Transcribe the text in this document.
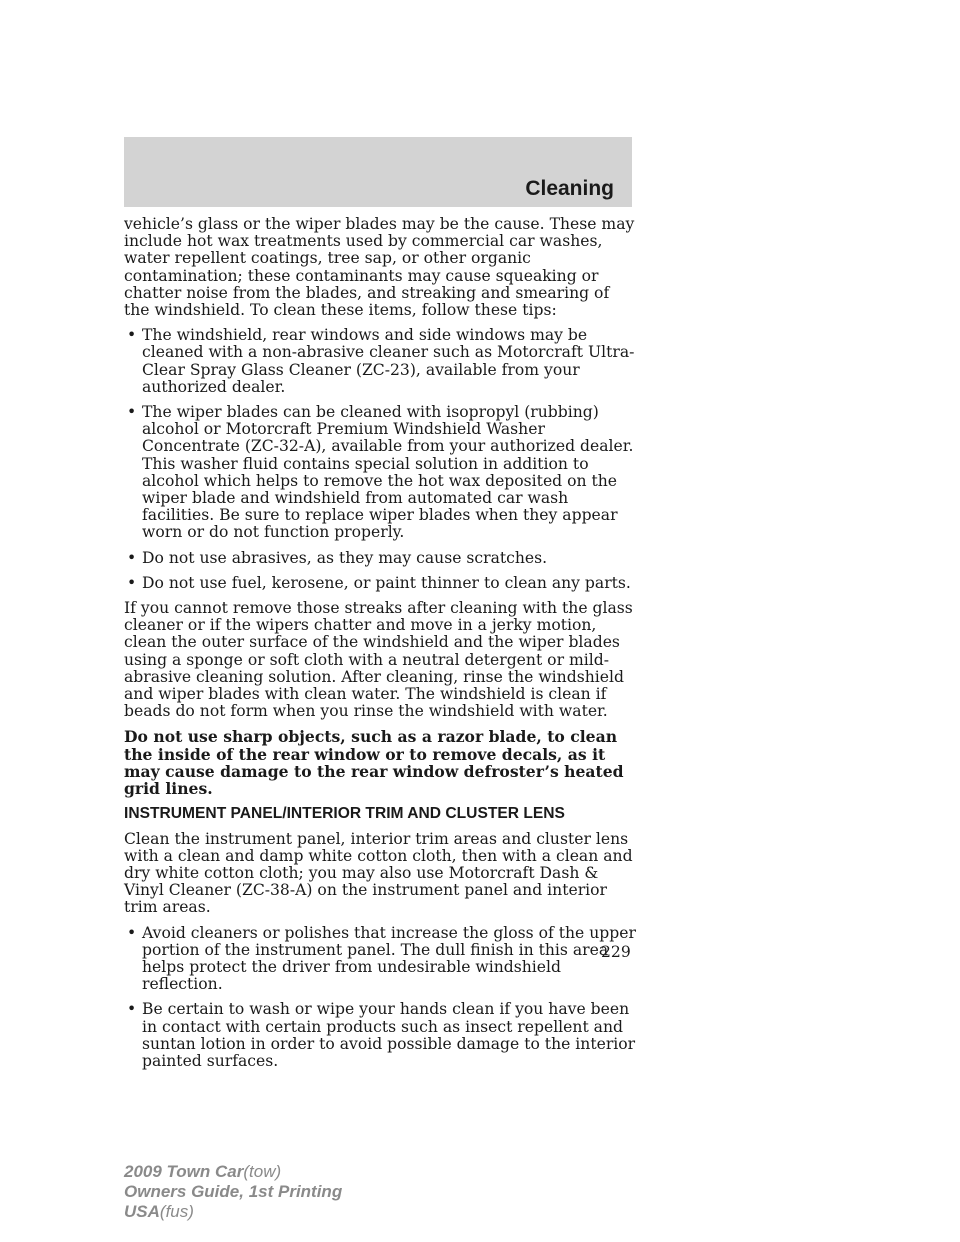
Cleaning

vehicle’s glass or the wiper blades may be the cause. These may include hot wax treatments used by commercial car washes, water repellent coatings, tree sap, or other organic contamination; these contaminants may cause squeaking or chatter noise from the blades, and streaking and smearing of the windshield. To clean these items, follow these tips:

• The windshield, rear windows and side windows may be cleaned with a non-abrasive cleaner such as Motorcraft Ultra-Clear Spray Glass Cleaner (ZC-23), available from your authorized dealer.
• The wiper blades can be cleaned with isopropyl (rubbing) alcohol or Motorcraft Premium Windshield Washer Concentrate (ZC-32-A), available from your authorized dealer. This washer fluid contains special solution in addition to alcohol which helps to remove the hot wax deposited on the wiper blade and windshield from automated car wash facilities. Be sure to replace wiper blades when they appear worn or do not function properly.
• Do not use abrasives, as they may cause scratches.
• Do not use fuel, kerosene, or paint thinner to clean any parts.

If you cannot remove those streaks after cleaning with the glass cleaner or if the wipers chatter and move in a jerky motion, clean the outer surface of the windshield and the wiper blades using a sponge or soft cloth with a neutral detergent or mild-abrasive cleaning solution. After cleaning, rinse the windshield and wiper blades with clean water. The windshield is clean if beads do not form when you rinse the windshield with water.

Do not use sharp objects, such as a razor blade, to clean the inside of the rear window or to remove decals, as it may cause damage to the rear window defroster’s heated grid lines.

INSTRUMENT PANEL/INTERIOR TRIM AND CLUSTER LENS

Clean the instrument panel, interior trim areas and cluster lens with a clean and damp white cotton cloth, then with a clean and dry white cotton cloth; you may also use Motorcraft Dash & Vinyl Cleaner (ZC-38-A) on the instrument panel and interior trim areas.

• Avoid cleaners or polishes that increase the gloss of the upper portion of the instrument panel. The dull finish in this area helps protect the driver from undesirable windshield reflection.
• Be certain to wash or wipe your hands clean if you have been in contact with certain products such as insect repellent and suntan lotion in order to avoid possible damage to the interior painted surfaces.
229
2009 Town Car(tow)
Owners Guide, 1st Printing
USA(fus)
